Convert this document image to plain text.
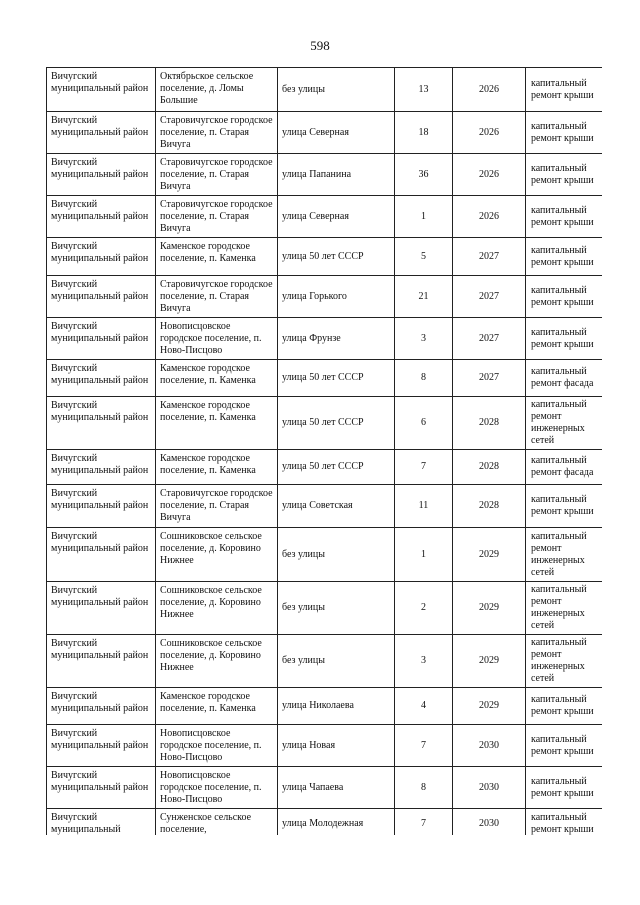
598
Вичугский муниципальный район	Октябрьское сельское поселение, д. Ломы Большие	без улицы	13	2026	капитальный ремонт крыши
Вичугский муниципальный район	Старовичугское городское поселение, п. Старая Вичуга	улица Северная	18	2026	капитальный ремонт крыши
Вичугский муниципальный район	Старовичугское городское поселение, п. Старая Вичуга	улица Папанина	36	2026	капитальный ремонт крыши
Вичугский муниципальный район	Старовичугское городское поселение, п. Старая Вичуга	улица Северная	1	2026	капитальный ремонт крыши
Вичугский муниципальный район	Каменское городское поселение, п. Каменка	улица 50 лет СССР	5	2027	капитальный ремонт крыши
Вичугский муниципальный район	Старовичугское городское поселение, п. Старая Вичуга	улица Горького	21	2027	капитальный ремонт крыши
Вичугский муниципальный район	Новописцовское городское поселение, п. Ново-Писцово	улица Фрунзе	3	2027	капитальный ремонт крыши
Вичугский муниципальный район	Каменское городское поселение, п. Каменка	улица 50 лет СССР	8	2027	капитальный ремонт фасада
Вичугский муниципальный район	Каменское городское поселение, п. Каменка	улица 50 лет СССР	6	2028	капитальный ремонт инженерных сетей
Вичугский муниципальный район	Каменское городское поселение, п. Каменка	улица 50 лет СССР	7	2028	капитальный ремонт фасада
Вичугский муниципальный район	Старовичугское городское поселение, п. Старая Вичуга	улица Советская	11	2028	капитальный ремонт крыши
Вичугский муниципальный район	Сошниковское сельское поселение, д. Коровино Нижнее	без улицы	1	2029	капитальный ремонт инженерных сетей
Вичугский муниципальный район	Сошниковское сельское поселение, д. Коровино Нижнее	без улицы	2	2029	капитальный ремонт инженерных сетей
Вичугский муниципальный район	Сошниковское сельское поселение, д. Коровино Нижнее	без улицы	3	2029	капитальный ремонт инженерных сетей
Вичугский муниципальный район	Каменское городское поселение, п. Каменка	улица Николаева	4	2029	капитальный ремонт крыши
Вичугский муниципальный район	Новописцовское городское поселение, п. Ново-Писцово	улица Новая	7	2030	капитальный ремонт крыши
Вичугский муниципальный район	Новописцовское городское поселение, п. Ново-Писцово	улица Чапаева	8	2030	капитальный ремонт крыши
Вичугский муниципальный	Сунженское сельское поселение,	улица Молодежная	7	2030	капитальный ремонт крыши
